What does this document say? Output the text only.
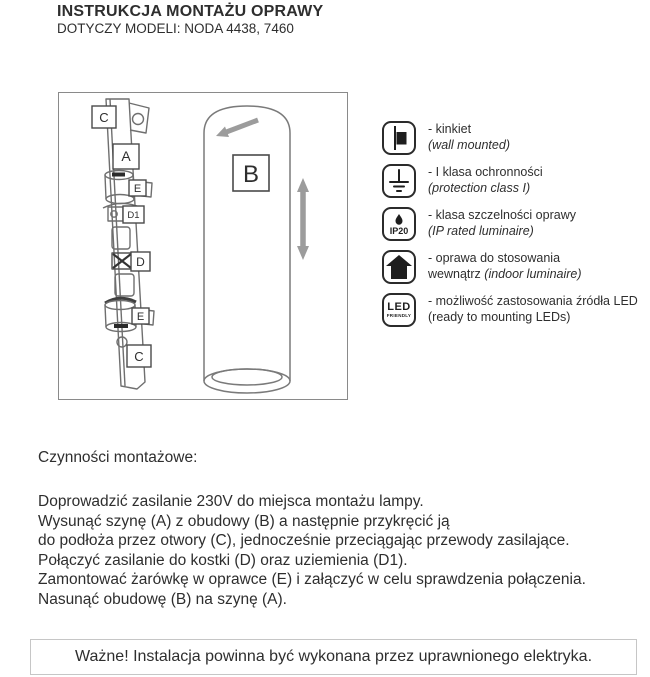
INSTRUKCJA MONTAŻU OPRAWY
DOTYCZY MODELI: NODA 4438, 7460
C
A
E
D1
D
E
C
B
- kinkiet
(wall mounted)
- I klasa ochronności
(protection class I)
IP20
- klasa szczelności oprawy
(IP rated luminaire)
- oprawa do stosowania
wewnątrz (indoor luminaire)
LED
FRIENDLY
- możliwość zastosowania źródła LED
(ready to mounting LEDs)
Czynności montażowe:
Doprowadzić zasilanie 230V do miejsca montażu lampy.
Wysunąć szynę (A) z obudowy (B) a następnie przykręcić ją
do podłoża przez otwory (C), jednocześnie przeciągając przewody zasilające.
Połączyć zasilanie do kostki (D) oraz uziemienia (D1).
Zamontować żarówkę w oprawce (E) i załączyć w celu sprawdzenia połączenia.
Nasunąć obudowę (B) na szynę (A).
Ważne! Instalacja powinna być wykonana przez uprawnionego elektryka.
